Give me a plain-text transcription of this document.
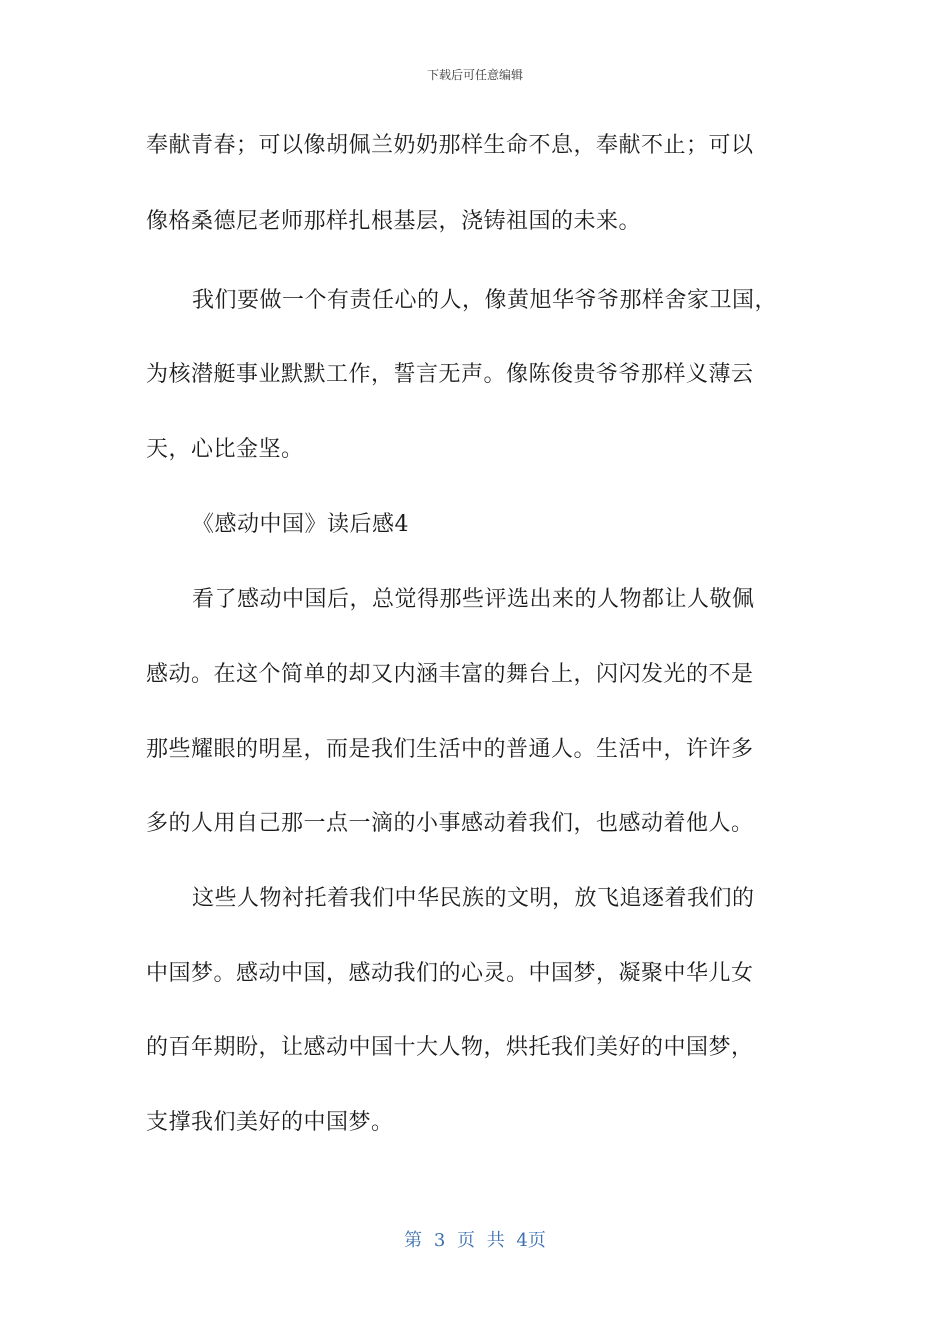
下载后可任意编辑
奉献青春；可以像胡佩兰奶奶那样生命不息，奉献不止；可以
像格桑德尼老师那样扎根基层，浇铸祖国的未来。
我们要做一个有责任心的人，像黄旭华爷爷那样舍家卫国，
为核潜艇事业默默工作，誓言无声。像陈俊贵爷爷那样义薄云
天，心比金坚。
《感动中国》读后感4
看了感动中国后，总觉得那些评选出来的人物都让人敬佩
感动。在这个简单的却又内涵丰富的舞台上，闪闪发光的不是
那些耀眼的明星，而是我们生活中的普通人。生活中，许许多
多的人用自己那一点一滴的小事感动着我们，也感动着他人。
这些人物衬托着我们中华民族的文明，放飞追逐着我们的
中国梦。感动中国，感动我们的心灵。中国梦，凝聚中华儿女
的百年期盼，让感动中国十大人物，烘托我们美好的中国梦，
支撑我们美好的中国梦。
第 3 页 共 4页
